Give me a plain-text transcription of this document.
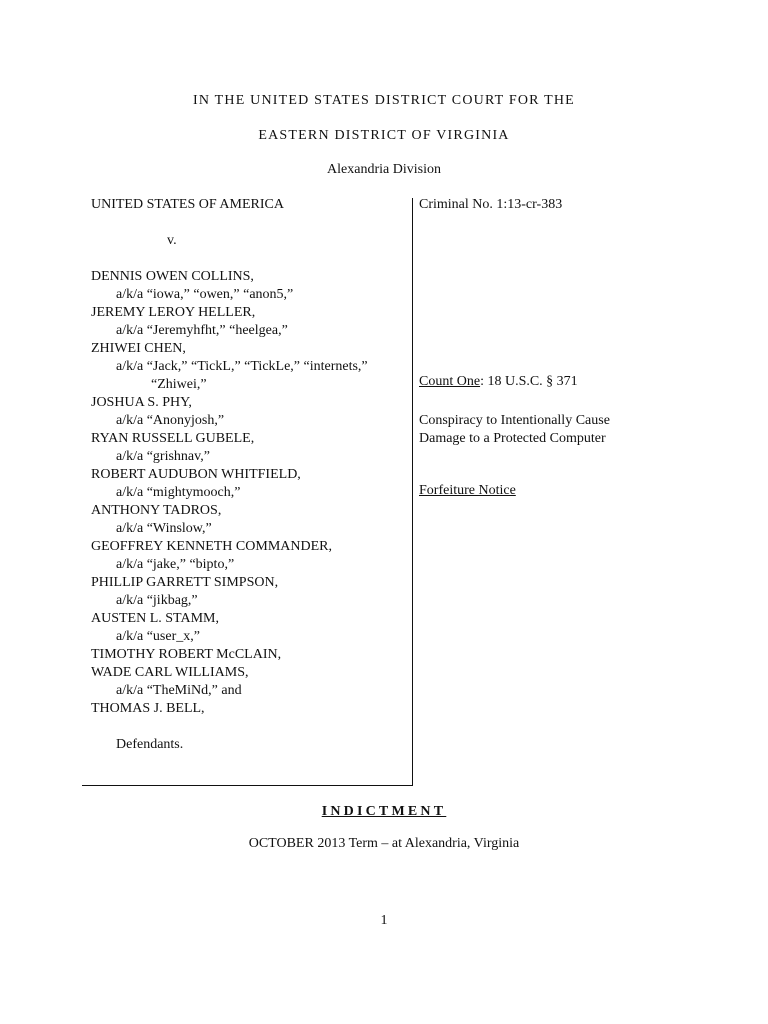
IN THE UNITED STATES DISTRICT COURT FOR THE
EASTERN DISTRICT OF VIRGINIA
Alexandria Division
UNITED STATES OF AMERICA
v.
DENNIS OWEN COLLINS,
a/k/a “iowa,” “owen,” “anon5,”
JEREMY LEROY HELLER,
a/k/a “Jeremyhfht,” “heelgea,”
ZHIWEI CHEN,
a/k/a “Jack,” “TickL,” “TickLe,” “internets,”
“Zhiwei,”
JOSHUA S. PHY,
a/k/a “Anonyjosh,”
RYAN RUSSELL GUBELE,
a/k/a “grishnav,”
ROBERT AUDUBON WHITFIELD,
a/k/a “mightymooch,”
ANTHONY TADROS,
a/k/a “Winslow,”
GEOFFREY KENNETH COMMANDER,
a/k/a “jake,” “bipto,”
PHILLIP GARRETT SIMPSON,
a/k/a “jikbag,”
AUSTEN L. STAMM,
a/k/a “user_x,”
TIMOTHY ROBERT McCLAIN,
WADE CARL WILLIAMS,
a/k/a “TheMiNd,” and
THOMAS J. BELL,
Defendants.
Criminal No. 1:13-cr-383
Count One: 18 U.S.C. § 371
Conspiracy to Intentionally Cause
Damage to a Protected Computer
Forfeiture Notice
INDICTMENT
OCTOBER 2013 Term – at Alexandria, Virginia
1
